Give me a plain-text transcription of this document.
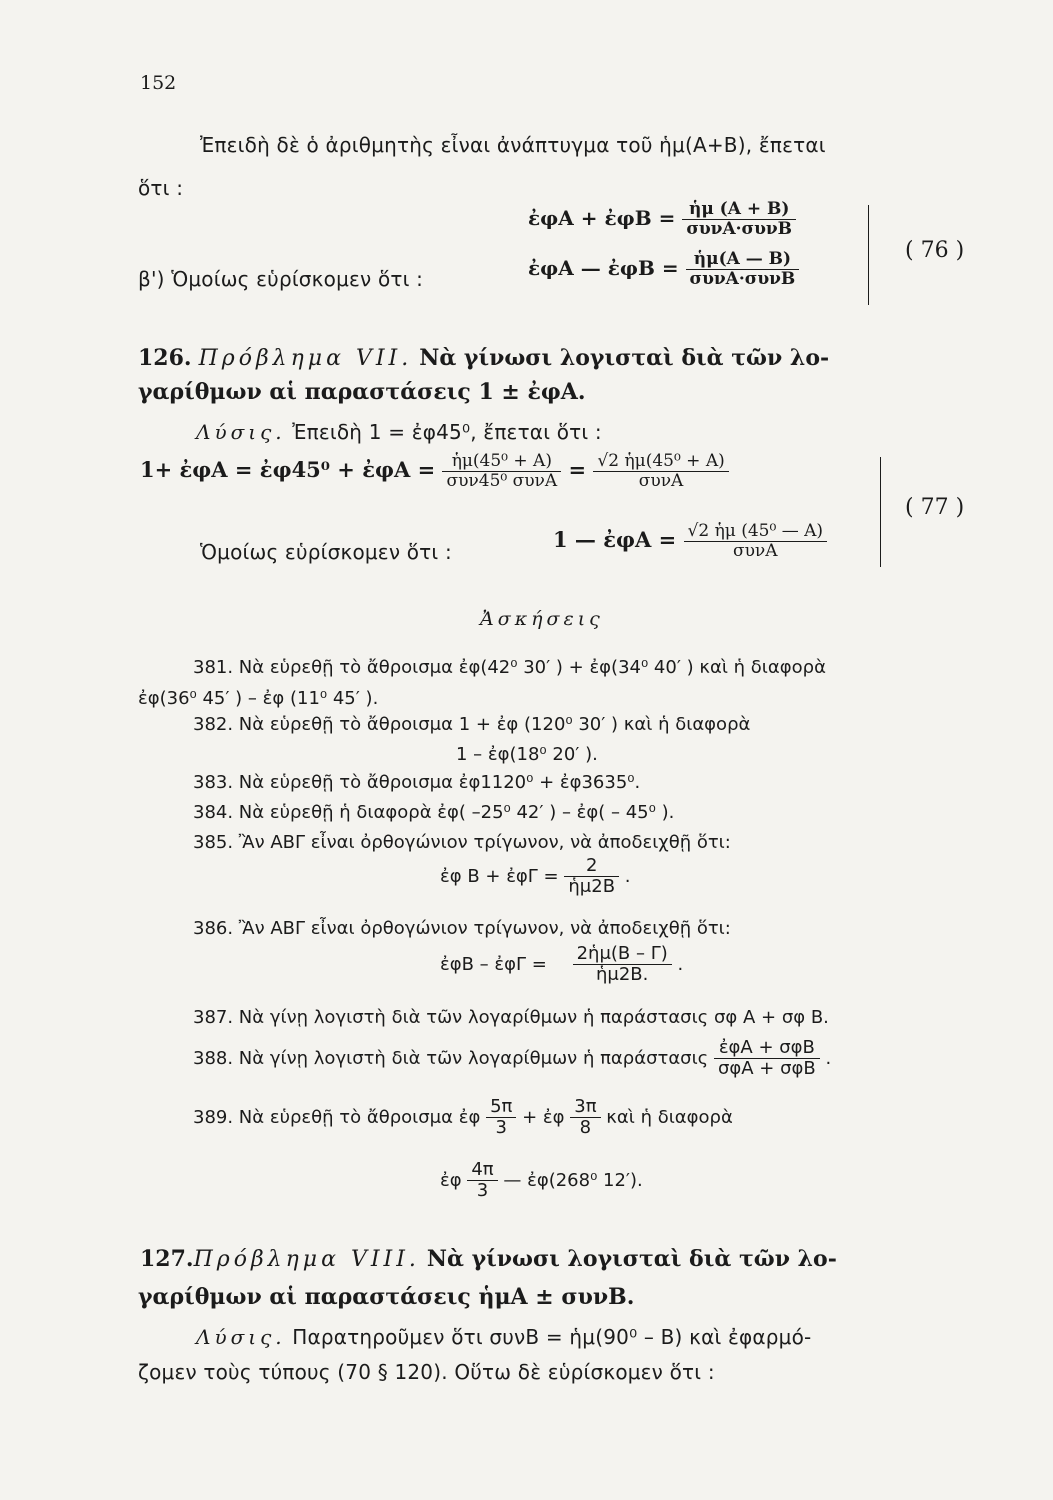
152
Ἐπειδὴ δὲ ὁ ἀριθμητὴς εἶναι ἀνάπτυγμα τοῦ ἡμ(Α+Β), ἔπεται
ὅτι :
ἐφΑ + ἐφΒ = $\frac{\text{ἡμ (Α + Β)}}{\text{συνΑ·συνΒ}}$
β') Ὁμοίως εὑρίσκομεν ὅτι :	ἐφΑ — ἐφΒ = $\frac{\text{ἡμ(Α — Β)}}{\text{συνΑ·συνΒ}}$	( 76 )
126. Πρόβλημα VII. Νὰ γίνωσι λογισταὶ διὰ τῶν λο-
γαρίθμων αἱ παραστάσεις 1 ± ἐφΑ.
Λύσις. Ἐπειδὴ 1 = ἐφ45⁰, ἔπεται ὅτι :
1+ ἐφΑ = ἐφ45⁰ + ἐφΑ = $\frac{\text{ἡμ(45⁰ + Α)}}{\text{συν45⁰ συνΑ}} = \frac{\text{√2 ἡμ(45⁰ + Α)}}{\text{συνΑ}}$
Ὁμοίως εὑρίσκομεν ὅτι :	1 — ἐφΑ = $\frac{\text{√2 ἡμ (45⁰ — Α)}}{\text{συνΑ}}$
( 77 )
Ἀσκήσεις
381. Νὰ εὑρεθῇ τὸ ἄθροισμα ἐφ(42⁰ 30′ ) + ἐφ(34⁰ 40′ ) καὶ ἡ διαφορὰ
ἐφ(36⁰ 45′ ) – ἐφ (11⁰ 45′ ).
382. Νὰ εὑρεθῇ τὸ ἄθροισμα 1 + ἐφ (120⁰ 30′ ) καὶ ἡ διαφορὰ
1 – ἐφ(18⁰ 20′ ).
383. Νὰ εὑρεθῇ τὸ ἄθροισμα ἐφ1120⁰ + ἐφ3635⁰.
384. Νὰ εὑρεθῇ ἡ διαφορὰ ἐφ( –25⁰ 42′ ) – ἐφ( – 45⁰ ).
385. Ἂν ΑΒΓ εἶναι ὀρθογώνιον τρίγωνον, νὰ ἀποδειχθῇ ὅτι:
ἐφ Β + ἐφΓ = $\frac{2}{\text{ἡμ2Β}}$ .
386. Ἂν ΑΒΓ εἶναι ὀρθογώνιον τρίγωνον, νὰ ἀποδειχθῇ ὅτι:
ἐφΒ – ἐφΓ = $\frac{\text{2ἡμ(Β – Γ)}}{\text{ἡμ2Β.}}$ .
387. Νὰ γίνῃ λογιστὴ διὰ τῶν λογαρίθμων ἡ παράστασις σφ Α + σφ Β.
388. Νὰ γίνῃ λογιστὴ διὰ τῶν λογαρίθμων ἡ παράστασις $\frac{\text{ἐφΑ + σφΒ}}{\text{σφΑ + σφΒ}}$ .
389. Νὰ εὑρεθῇ τὸ ἄθροισμα ἐφ $\frac{5\pi}{3}$ + ἐφ $\frac{3\pi}{8}$ καὶ ἡ διαφορὰ
ἐφ $\frac{4\pi}{3}$ — ἐφ(268⁰ 12′).
127.Πρόβλημα VIII. Νὰ γίνωσι λογισταὶ διὰ τῶν λο-
γαρίθμων αἱ παραστάσεις ἡμΑ ± συνΒ.
Λύσις. Παρατηροῦμεν ὅτι συνΒ = ἡμ(90⁰ – Β) καὶ ἐφαρμό-
ζομεν τοὺς τύπους (70 § 120). Οὕτω δὲ εὑρίσκομεν ὅτι :
